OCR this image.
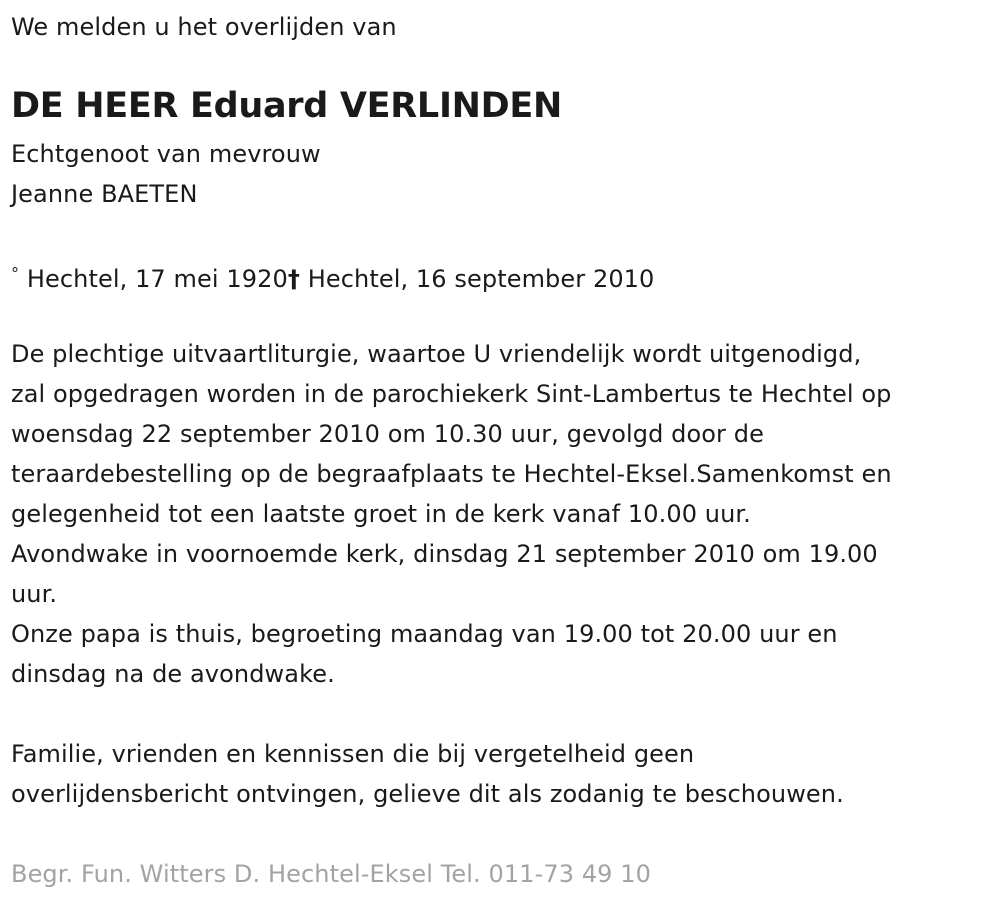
We melden u het overlijden van
DE HEER Eduard VERLINDEN
Echtgenoot van mevrouw
Jeanne BAETEN
° Hechtel, 17 mei 1920† Hechtel, 16 september 2010
De plechtige uitvaartliturgie, waartoe U vriendelijk wordt uitgenodigd,
zal opgedragen worden in de parochiekerk Sint-Lambertus te Hechtel op
woensdag 22 september 2010 om 10.30 uur, gevolgd door de
teraardebestelling op de begraafplaats te Hechtel-Eksel.Samenkomst en
gelegenheid tot een laatste groet in de kerk vanaf 10.00 uur.
Avondwake in voornoemde kerk, dinsdag 21 september 2010 om 19.00
uur.
Onze papa is thuis, begroeting maandag van 19.00 tot 20.00 uur en
dinsdag na de avondwake.
Familie, vrienden en kennissen die bij vergetelheid geen
overlijdensbericht ontvingen, gelieve dit als zodanig te beschouwen.
Begr. Fun. Witters D. Hechtel-Eksel Tel. 011-73 49 10
